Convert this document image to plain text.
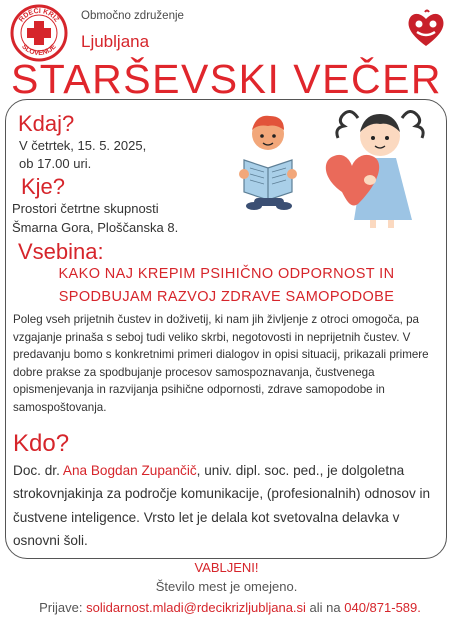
RDEČI KRIŽ
SLOVENIJE
Območno združenje
Ljubljana
STARŠEVSKI VEČER
Kdaj?
V četrtek, 15. 5. 2025,
ob 17.00 uri.
Kje?
Prostori četrtne skupnosti
Šmarna Gora, Ploščanska 8.
Vsebina:
KAKO NAJ KREPIM PSIHIČNO ODPORNOST IN
SPODBUJAM RAZVOJ ZDRAVE SAMOPODOBE
Poleg vseh prijetnih čustev in doživetij, ki nam jih življenje z otroci omogoča, pa vzgajanje prinaša s seboj tudi veliko skrbi, negotovosti in neprijetnih čustev. V predavanju bomo s konkretnimi primeri dialogov in opisi situacij, prikazali primere dobre prakse za spodbujanje procesov samospoznavanja, čustvenega opismenjevanja in razvijanja psihične odpornosti, zdrave samopodobe in samospoštovanja.
Kdo?
Doc. dr. Ana Bogdan Zupančič, univ. dipl. soc. ped., je dolgoletna strokovnjakinja za področje komunikacije, (profesionalnih) odnosov in čustvene inteligence. Vrsto let je delala kot svetovalna delavka v osnovni šoli.
VABLJENI!
Število mest je omejeno.
Prijave: solidarnost.mladi@rdecikrizljubljana.si ali na 040/871-589.
